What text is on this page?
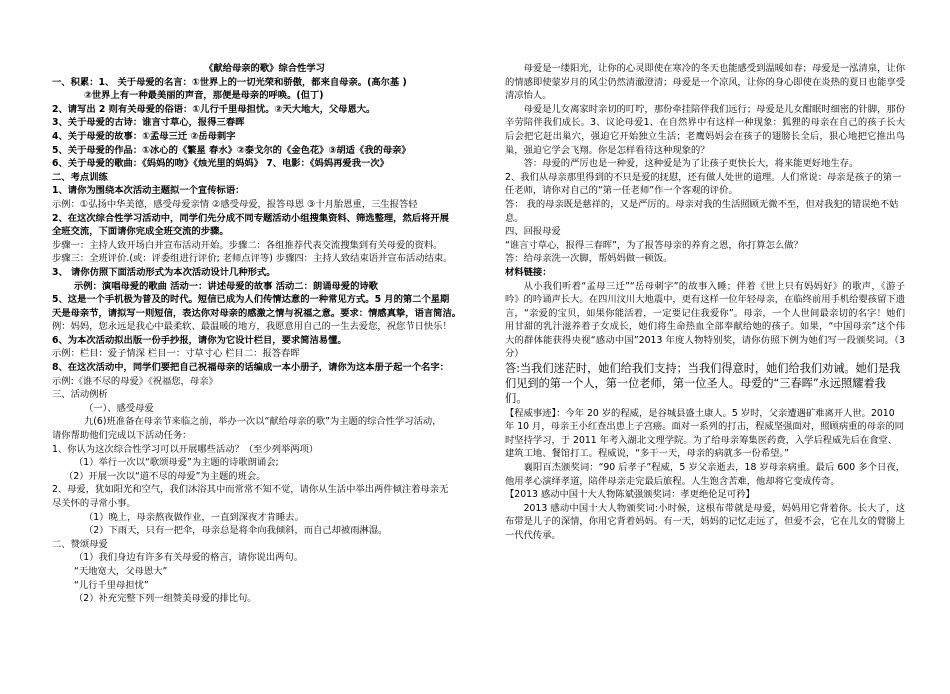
《献给母亲的歌》综合性学习
一、积累：1、 关于母爱的名言：①世界上的一切光荣和骄傲，都来自母亲。(高尔基 )
②世界上有一种最美丽的声音，那便是母亲的呼唤。(但丁)
2、请写出 2 则有关母爱的俗语：①儿行千里母担忧。②天大地大，父母恩大。
3、关于母爱的古诗：谁言寸草心，报得三春晖
4、关于母爱的故事：①孟母三迁 ②岳母刺字
5、关于母爱的作品：①冰心的《繁星 春水》②泰戈尔的《金色花》③胡适《我的母亲》
6、关于母爱的歌曲：《妈妈的吻》《烛光里的妈妈》 7、电影：《妈妈再爱我一次》
二、考点训练
1、请你为围绕本次活动主题拟一个宣传标语：
示例：①弘扬中华美德，感受母爱亲情 ②感受母爱，报答母恩 ③十月胎恩重，三生报答轻
2、在这次综合性学习活动中，同学们先分成不同专题活动小组搜集资料、筛选整理，然后将开展
全班交流，下面请你完成全班交流的步骤。
步骤一：主持人致开场白并宣布活动开始。步骤二：各组推荐代表交流搜集到有关母爱的资料。
步骤三：全班评价.(或：评委组进行评价; 老师点评等) 步骤四：主持人致结束语并宣布活动结束。
3、 请你仿照下面活动形式为本次活动设计几种形式。
示例：演唱母爱的歌曲 活动一：讲述母爱的故事 活动二：朗诵母爱的诗歌
5、这是一个手机极为普及的时代。短信已成为人们传情达意的一种常见方式。5 月的第二个星期
天是母亲节，请拟写一则短信，表达你对母亲的感激之情与祝福之意。要求：情感真挚，语言简洁。
例：妈妈，您永远是我心中最柔软、最温暖的地方，我愿意用自己的一生去爱您，祝您节日快乐！
6、为本次活动拟出版一份手抄报，请你为它设计栏目，要求简洁易懂。
示例：栏目：爱子情深 栏目一：寸草寸心 栏目二：报答春晖
8、在这次活动中，同学们要把自己祝福母亲的话编成一本小册子，请你为这本册子起一个名字：
示例:《谁不尽的母爱》《祝福您，母亲》
三、活动例析
（一）、感受母爱
九(6)班准备在母亲节来临之前，举办一次以“献给母亲的歌”为主题的综合性学习活动，
请你帮助他们完成以下活动任务：
1、你认为这次综合性学习可以开展哪些活动？（至少列举两项）
（1）举行一次以“歌颂母爱”为主题的诗歌朗诵会;
（2）开展一次以“道不尽的母爱”为主题的班会。
2、母爱，犹如阳光和空气，我们沐浴其中而常常不知不觉，请你从生活中举出两件倾注着母亲无
尽关怀的寻常小事。
（1）晚上，母亲熬夜做作业，一直到深夜才肯睡去。
（2）下雨天，只有一把伞，母亲总是将伞向我倾斜，而自己却被雨淋湿。
二、赞颂母爱
（1）我们身边有许多有关母爱的格言，请你说出两句。
“天地宽大，父母恩大”
“儿行千里母担忧”
（2）补充完整下列一组赞美母爱的排比句。
母爱是一缕阳光，让你的心灵即使在寒冷的冬天也能感受到温暖如春；母爱是一泓清泉，让你的情感即使蒙岁月的风尘仍然清澈澄清；母爱是一个凉风，让你的身心即使在炎热的夏日也能享受清凉怡人。
母爱是儿女离家时亲切的叮咛，那份牵挂陪伴我们远行；母爱是儿女酣眠时细密的针脚，那份辛劳陪伴我们成长。3、议论母爱1、在自然界中有这样一种现象：狐狸的母亲在自己的孩子长大后会把它赶出巢穴，强迫它开始独立生活；老鹰妈妈会在孩子的翅膀长全后，狠心地把它推出鸟巢，强迫它学会飞翔。你是怎样看待这种现象的？
答：母爱的严厉也是一种爱，这种爱是为了让孩子更快长大，将来能更好地生存。
2、我们从母亲那里得到的不只是爱的抚慰，还有做人处世的道理。人们常说：母亲是孩子的第一任老师，请你对自己的“第一任老师”作一个客观的评价。
答： 我的母亲既是慈祥的，又是严厉的。母亲对我的生活照顾无微不至，但对我犯的错误绝不姑息。
四、回报母爱
“谁言寸草心，报得三春晖”，为了报答母亲的养育之恩，你打算怎么做？
答：给母亲洗一次脚，帮妈妈做一顿饭。
材料链接：
从小我们听着“孟母三迁”“岳母刺字”的故事入睡；伴着《世上只有妈妈好》的歌声，《游子吟》的吟诵声长大。在四川汶川大地震中，更有这样一位年轻母亲，在临终前用手机给婴孩留下遗言，“亲爱的宝贝，如果你能活着，一定要记住我爱你”。母亲，一个人世间最亲切的名字！她们用甘甜的乳汁滋养着子女成长，她们将生命热血全部奉献给她的孩子。如果，“中国母亲”这个伟大的群体能获得央视“感动中国”2013 年度人物特别奖，请你仿照下例为她们写一段颁奖词。（3 分）
答:当我们迷茫时，她们给我们支持；当我们得意时，她们给我们劝诫。她们是我们见到的第一个人，第一位老师，第一位圣人。母爱的“三春晖”永远照耀着我们。
【程威事迹】：今年 20 岁的程威，是谷城县盛土康人。5 岁时，父亲遭遇矿难离开人世。2010 年 10 月，母亲王小红查出患上子宫癌。面对一系列的打击，程威坚强面对，照顾病重的母亲的同时坚持学习，于 2011 年考入湖北文理学院。为了给母亲筹集医药费，入学后程威先后在食堂、建筑工地、餐馆打工。程威说，“多干一天，母亲的病就多一份希望。”
襄阳百杰颁奖词：“90 后孝子”程威，5 岁父亲逝去，18 岁母亲病重。最后 600 多个日夜，他用孝心演绎孝道，陪伴母亲走完最后旅程。人生饱含苦难，他却将它变成传奇。
【2013 感动中国十大人物陈斌强颁奖词：孝更绝伦足可矜】
2013 感动中国十大人物颁奖词:小时候，这根布带就是母爱，妈妈用它背着你。长大了，这布带是儿子的深情，你用它背着妈妈。有一天，妈妈的记忆走远了，但爱不会，它在儿女的臂膀上一代代传承。
